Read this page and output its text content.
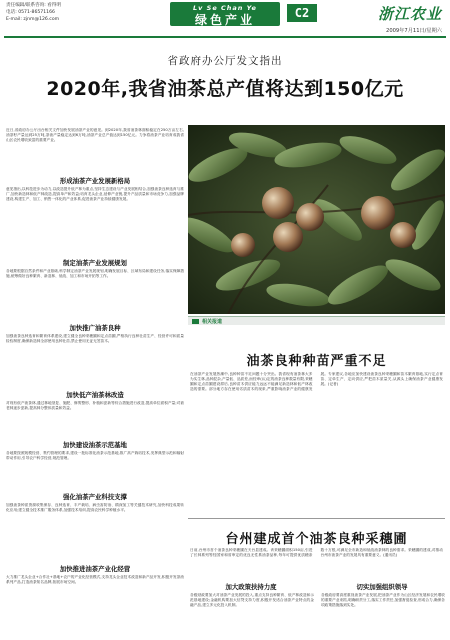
责任编辑/联系咨询: 看得明
电话: 0571-86571166
E-mail: zjnm@126.com
Lv Se Chan Ye
绿色产业	C2	浙江农业
2009年7月11日/星期六
省政府办公厅发文指出
2020年,我省油茶总产值将达到150亿元
近日,省政府办公厅出台相关文件加快发展油茶产业的意见。到2020年,我省油茶林面积稳定在250万亩左右,油茶籽产量达到25万吨,茶油产量稳定达到6万吨,油茶产业总产值达到150亿元。力争将油茶产业培育成我省山区农民增收致富的重要产业。
形成油茶产业发展新格局
意见指出,以科技进步为动力,以改造提升低产林为重点,坚持生态建设与产业发展相结合,加强油茶良种选育与推广,加快新造林和低产林改造,提高单产和效益;培育龙头企业,延伸产业链,提升产品质量和市场竞争力,加强品牌建设,构建生产、加工、销售一体化的产业体系,促进油茶产业持续健康发展。
制定油茶产业发展规划
各地要根据自然条件和产业基础,科学制定油茶产业发展规划,明确发展目标、区域布局和建设任务,落实保障措施,统筹做好良种繁育、新造林、低改、加工和市场开拓等工作。
加快推广油茶良种
加强油茶良种选育和繁育体系建设,建立健全良种采穗圃和定点苗圃,严格执行良种壮苗生产、经营许可和质量检验制度,确保新造林全部使用良种壮苗,禁止使用无证无签苗木。
加快低产油茶林改造
对现有低产油茶林,通过林地垦复、施肥、修剪整形、补植和更新等综合措施进行改造,提高单位面积产量;对衰老林逐步更新,提高林分整体质量和效益。
加快建设油茶示范基地
各地要按照规模经营、集约管理的要求,建设一批标准化油茶示范基地,推广高产栽培技术,发挥典型示范和辐射带动作用,引导农户科学经营,规范管理。
强化油茶产业科技支撑
加强油茶种质资源收集保存、良种选育、丰产栽培、病虫害防治、精深加工等关键技术研究,加快科技成果转化应用;建立健全技术推广服务体系,加强技术培训,提高农民科学种植水平。
加快推进油茶产业化经营
大力推广龙头企业+合作社+基地+农户的产业化经营模式,支持龙头企业技术改造和新产品开发,积极开发茶油系列产品,打造油茶知名品牌,拓展市场空间。
相关报道
油茶良种种苗严重不足
在油茶产业发展热潮中,良种种苗不足问题十分突出。我省现有油茶林大多为实生林,品种混杂,产量低、品质差,而经审(认)定的油茶良种数量有限,采穗圃和定点苗圃建设滞后,良种苗木供应能力远远不能满足新造林和低产林改造的需要。部分地方存在使用劣质苗木的现象,严重影响油茶产业的健康发展。专家建议,各地应加快建设油茶良种采穗圃和苗木繁育基地,实行定点育苗、定单生产、定向供应,严把苗木质量关,从源头上确保油茶产业健康发展。(记者)
台州建成首个油茶良种采穗圃
日前,台州市首个油茶良种采穗圃在天台县建成。该采穗圃面积150亩,引进了长林系列等经国家和省审定的优良无性系油茶品种,每年可提供优质穗条数十万根,可满足全市新造和低改油茶林的良种需求。采穗圃的建成,对推动台州市油茶产业的发展具有重要意义。(通讯员)
加大政策扶持力度
各级财政要加大对油茶产业发展的投入,重点支持良种繁育、低产林改造和示范基地建设;金融机构要加大信贷支持力度,积极开发适合油茶产业特点的金融产品,建立多元化投入机制。
切实加强组织领导
各级政府要高度重视油茶产业发展,把油茶产业作为山区经济发展和农民增收的重要产业来抓,明确职责分工,落实工作责任,加强督促检查,形成合力,确保各项政策措施落到实处。
